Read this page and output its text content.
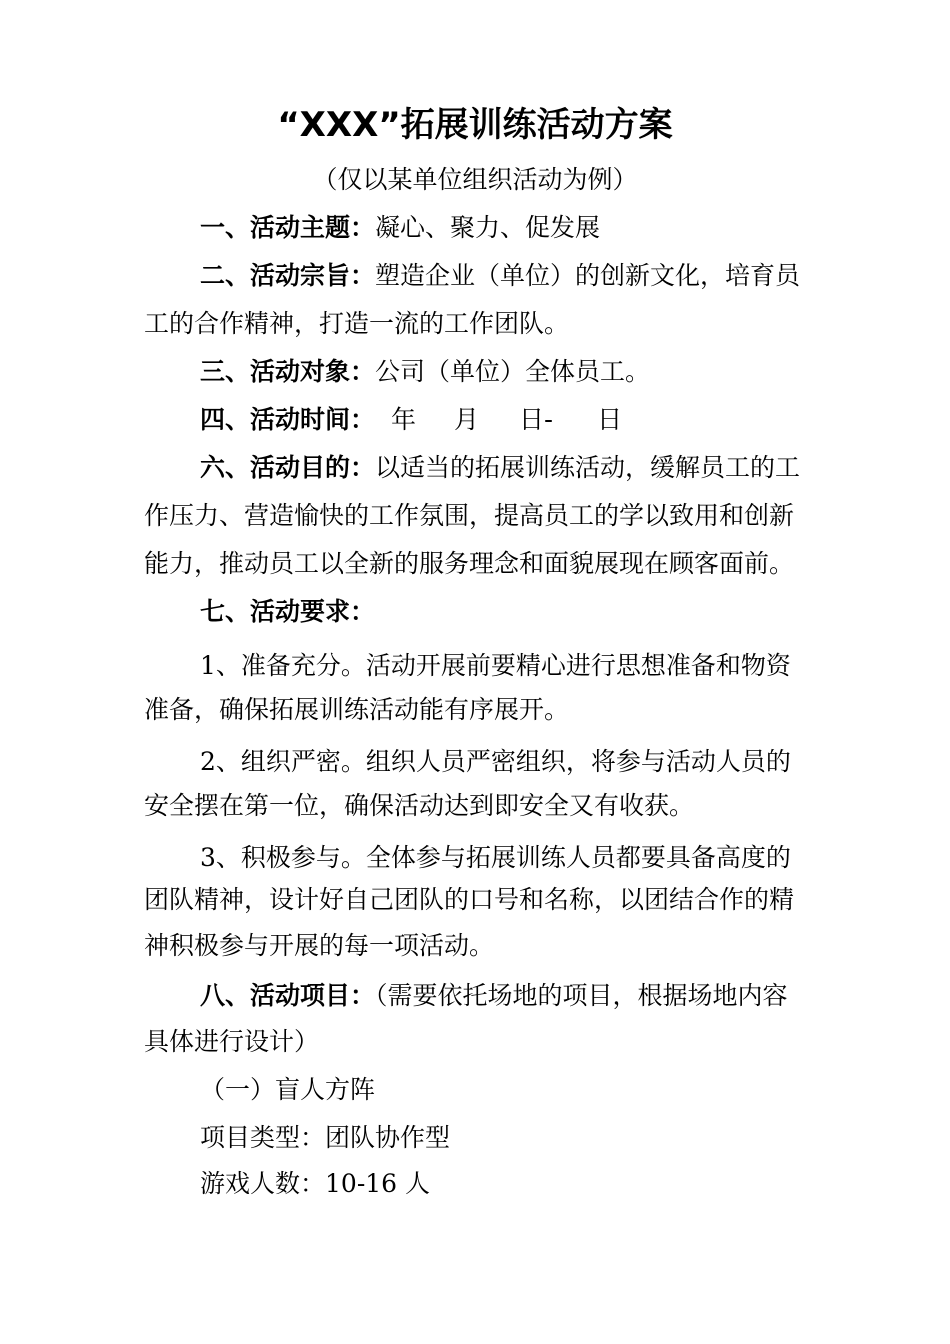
“XXX”拓展训练活动方案
（仅以某单位组织活动为例）
一、活动主题：凝心、聚力、促发展
二、活动宗旨：塑造企业（单位）的创新文化，培育员
工的合作精神，打造一流的工作团队。
三、活动对象：公司（单位）全体员工。
四、活动时间： 年 月 日- 日
六、活动目的：以适当的拓展训练活动，缓解员工的工
作压力、营造愉快的工作氛围，提高员工的学以致用和创新
能力，推动员工以全新的服务理念和面貌展现在顾客面前。
七、活动要求：
1、准备充分。活动开展前要精心进行思想准备和物资
准备，确保拓展训练活动能有序展开。
2、组织严密。组织人员严密组织，将参与活动人员的
安全摆在第一位，确保活动达到即安全又有收获。
3、积极参与。全体参与拓展训练人员都要具备高度的
团队精神，设计好自己团队的口号和名称，以团结合作的精
神积极参与开展的每一项活动。
八、活动项目：（需要依托场地的项目，根据场地内容
具体进行设计）
（一）盲人方阵
项目类型：团队协作型
游戏人数：10-16 人
